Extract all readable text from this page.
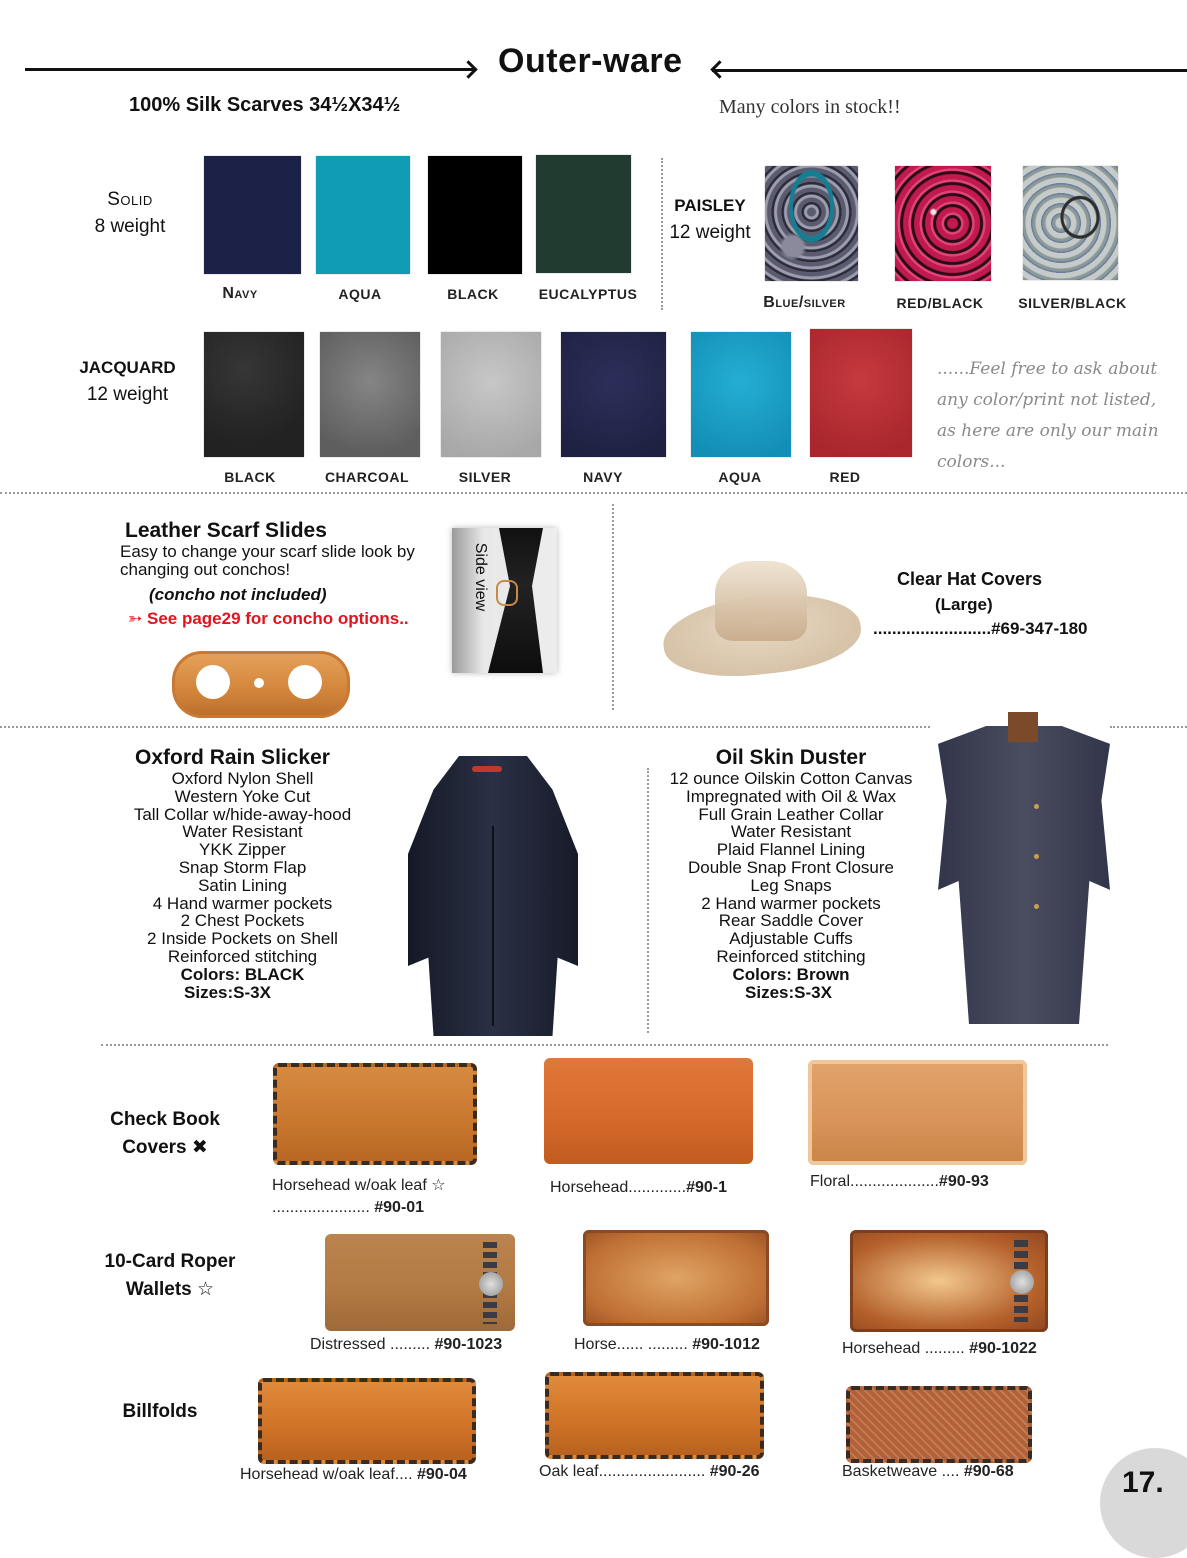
Outer-ware
100% Silk Scarves 34½X34½	Many colors in stock!!
Solid
8 weight
Navy	AQUA	BLACK	EUCALYPTUS
PAISLEY
12 weight
Blue/silver	RED/BLACK	SILVER/BLACK
JACQUARD
12 weight
BLACK	CHARCOAL	SILVER	NAVY	AQUA	RED
......Feel free to ask about
any color/print not listed,
as here are only our main
colors...
Leather Scarf Slides
Easy to change your scarf slide look by
changing out conchos!
(concho not included)
➳ See page29 for concho options..
Side view	Clear Hat Covers
(Large)
.........................#69-347-180
Oxford Rain Slicker
Oxford Nylon Shell
Western Yoke Cut
Tall Collar w/hide-away-hood
Water Resistant
YKK Zipper
Snap Storm Flap
Satin Lining
4 Hand warmer pockets
2 Chest Pockets
2 Inside Pockets on Shell
Reinforced stitching
Colors: BLACK
Sizes:S-3X
Oil Skin Duster
12 ounce Oilskin Cotton Canvas
Impregnated with Oil & Wax
Full Grain Leather Collar
Water Resistant
Plaid Flannel Lining
Double Snap Front Closure
Leg Snaps
2 Hand warmer pockets
Rear Saddle Cover
Adjustable Cuffs
Reinforced stitching
Colors: Brown
Sizes:S-3X
Check Book
Covers ✖
Horsehead w/oak leaf ☆
...................... #90-01
Horsehead.............#90-1	Floral....................#90-93
10-Card Roper
Wallets ☆
Distressed ......... #90-1023	Horse...... ......... #90-1012	Horsehead ......... #90-1022
Billfolds
Horsehead w/oak leaf.... #90-04	Oak leaf........................ #90-26	Basketweave .... #90-68	17.
